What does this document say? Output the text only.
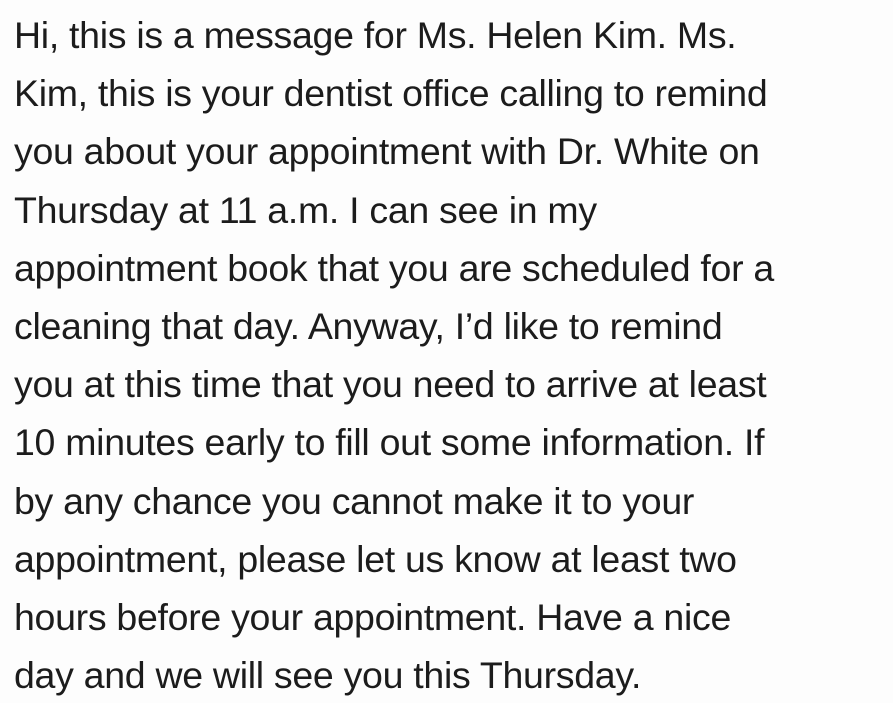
Hi, this is a message for Ms. Helen Kim. Ms.
Kim, this is your dentist office calling to remind
you about your appointment with Dr. White on
Thursday at 11 a.m. I can see in my
appointment book that you are scheduled for a
cleaning that day. Anyway, I’d like to remind
you at this time that you need to arrive at least
10 minutes early to fill out some information. If
by any chance you cannot make it to your
appointment, please let us know at least two
hours before your appointment. Have a nice
day and we will see you this Thursday.
